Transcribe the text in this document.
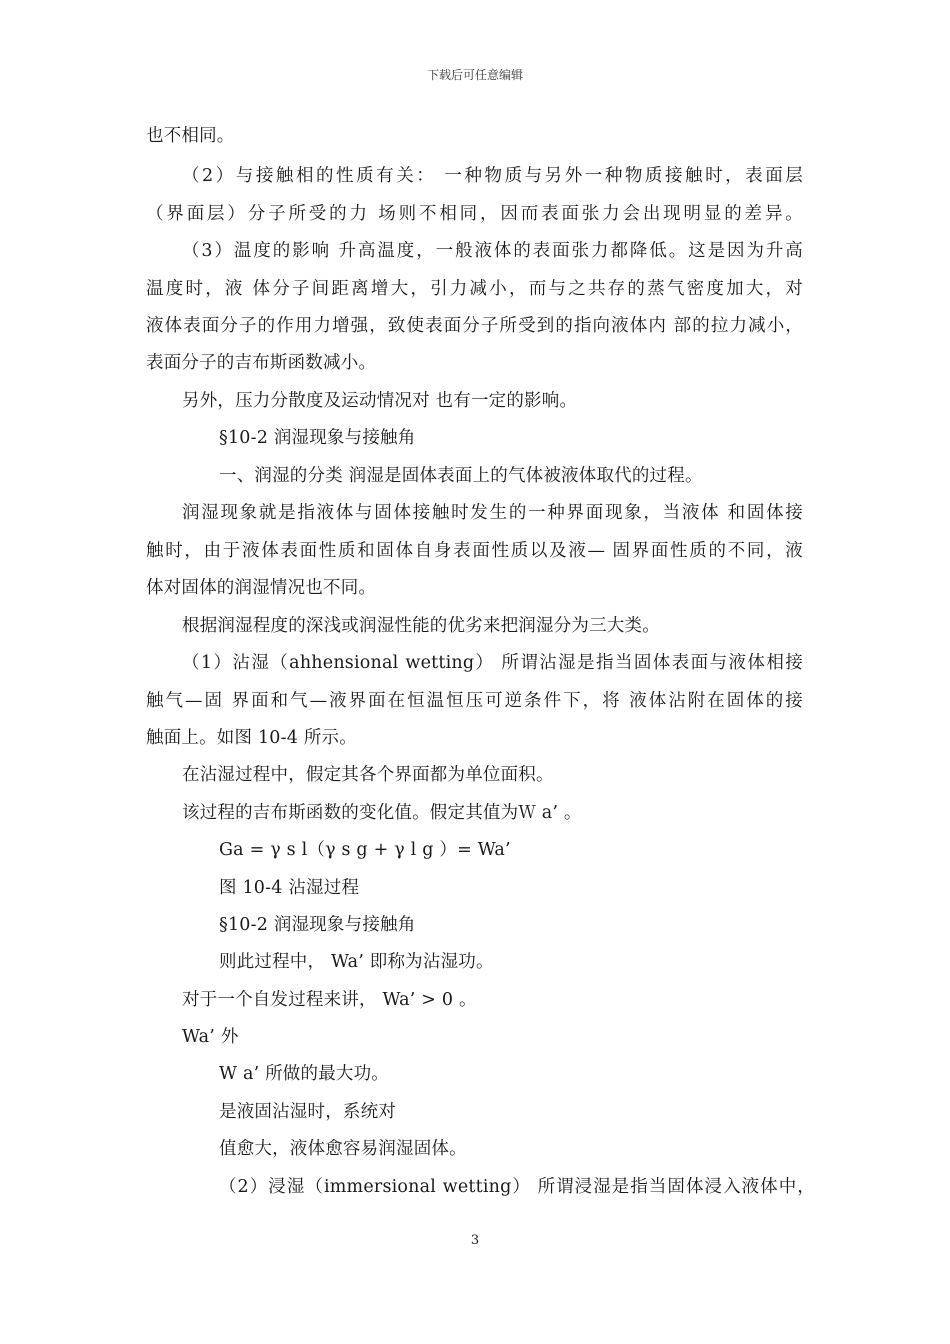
下载后可任意编辑
也不相同。
（2）与接触相的性质有关： 一种物质与另外一种物质接触时，表面层
（界面层）分子所受的力 场则不相同，因而表面张力会出现明显的差异。
（3）温度的影响 升高温度，一般液体的表面张力都降低。这是因为升高
温度时，液 体分子间距离增大，引力减小，而与之共存的蒸气密度加大，对
液体表面分子的作用力增强，致使表面分子所受到的指向液体内 部的拉力减小，
表面分子的吉布斯函数减小。
另外，压力分散度及运动情况对 也有一定的影响。
§10-2 润湿现象与接触角
一、润湿的分类 润湿是固体表面上的气体被液体取代的过程。
润湿现象就是指液体与固体接触时发生的一种界面现象，当液体 和固体接
触时，由于液体表面性质和固体自身表面性质以及液— 固界面性质的不同，液
体对固体的润湿情况也不同。
根据润湿程度的深浅或润湿性能的优劣来把润湿分为三大类。
（1）沾湿（ahhensional wetting） 所谓沾湿是指当固体表面与液体相接
触气—固 界面和气—液界面在恒温恒压可逆条件下，将 液体沾附在固体的接
触面上。如图 10-4 所示。
在沾湿过程中，假定其各个界面都为单位面积。
该过程的吉布斯函数的变化值。假定其值为Ｗ a’ 。
Ga = γ s l（γ s g + γ l g ）= Wa’
图 10-4 沾湿过程
§10-2 润湿现象与接触角
则此过程中， Wa’ 即称为沾湿功。
对于一个自发过程来讲， Wa’ > 0 。
Wa’ 外
W a’ 所做的最大功。
是液固沾湿时，系统对
值愈大，液体愈容易润湿固体。
（2）浸湿（immersional wetting） 所谓浸湿是指当固体浸入液体中，
3
